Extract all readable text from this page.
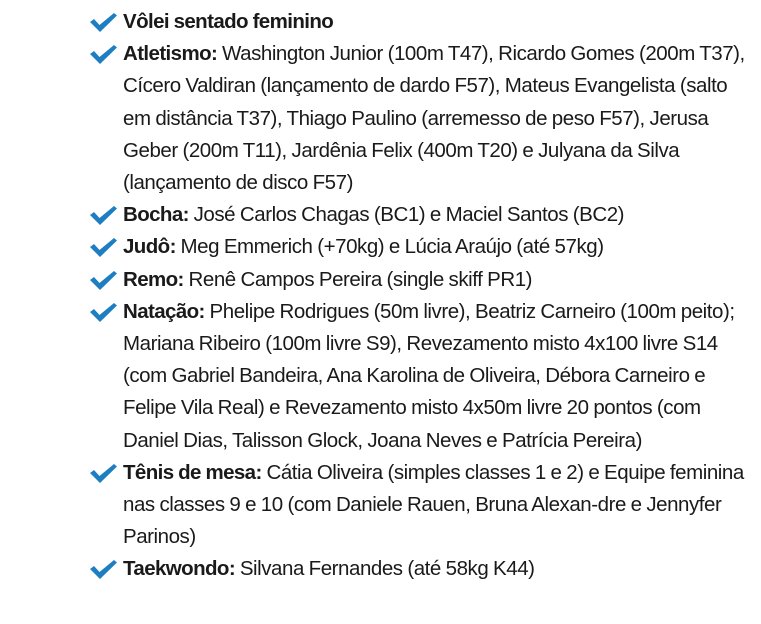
Vôlei sentado feminino
Atletismo: Washington Junior (100m T47), Ricardo Gomes (200m T37), Cícero Valdiran (lançamento de dardo F57), Mateus Evangelista (salto em distância T37), Thiago Paulino (arremesso de peso F57), Jerusa Geber (200m T11), Jardênia Felix (400m T20) e Julyana da Silva (lançamento de disco F57)
Bocha: José Carlos Chagas (BC1) e Maciel Santos (BC2)
Judô: Meg Emmerich (+70kg) e Lúcia Araújo (até 57kg)
Remo: Renê Campos Pereira (single skiff PR1)
Natação: Phelipe Rodrigues (50m livre), Beatriz Carneiro (100m peito); Mariana Ribeiro (100m livre S9), Revezamento misto 4x100 livre S14 (com Gabriel Bandeira, Ana Karolina de Oliveira, Débora Carneiro e Felipe Vila Real) e Revezamento misto 4x50m livre 20 pontos (com Daniel Dias, Talisson Glock, Joana Neves e Patrícia Pereira)
Tênis de mesa: Cátia Oliveira (simples classes 1 e 2) e Equipe feminina nas classes 9 e 10 (com Daniele Rauen, Bruna Alexan-dre e Jennyfer Parinos)
Taekwondo: Silvana Fernandes (até 58kg K44)
